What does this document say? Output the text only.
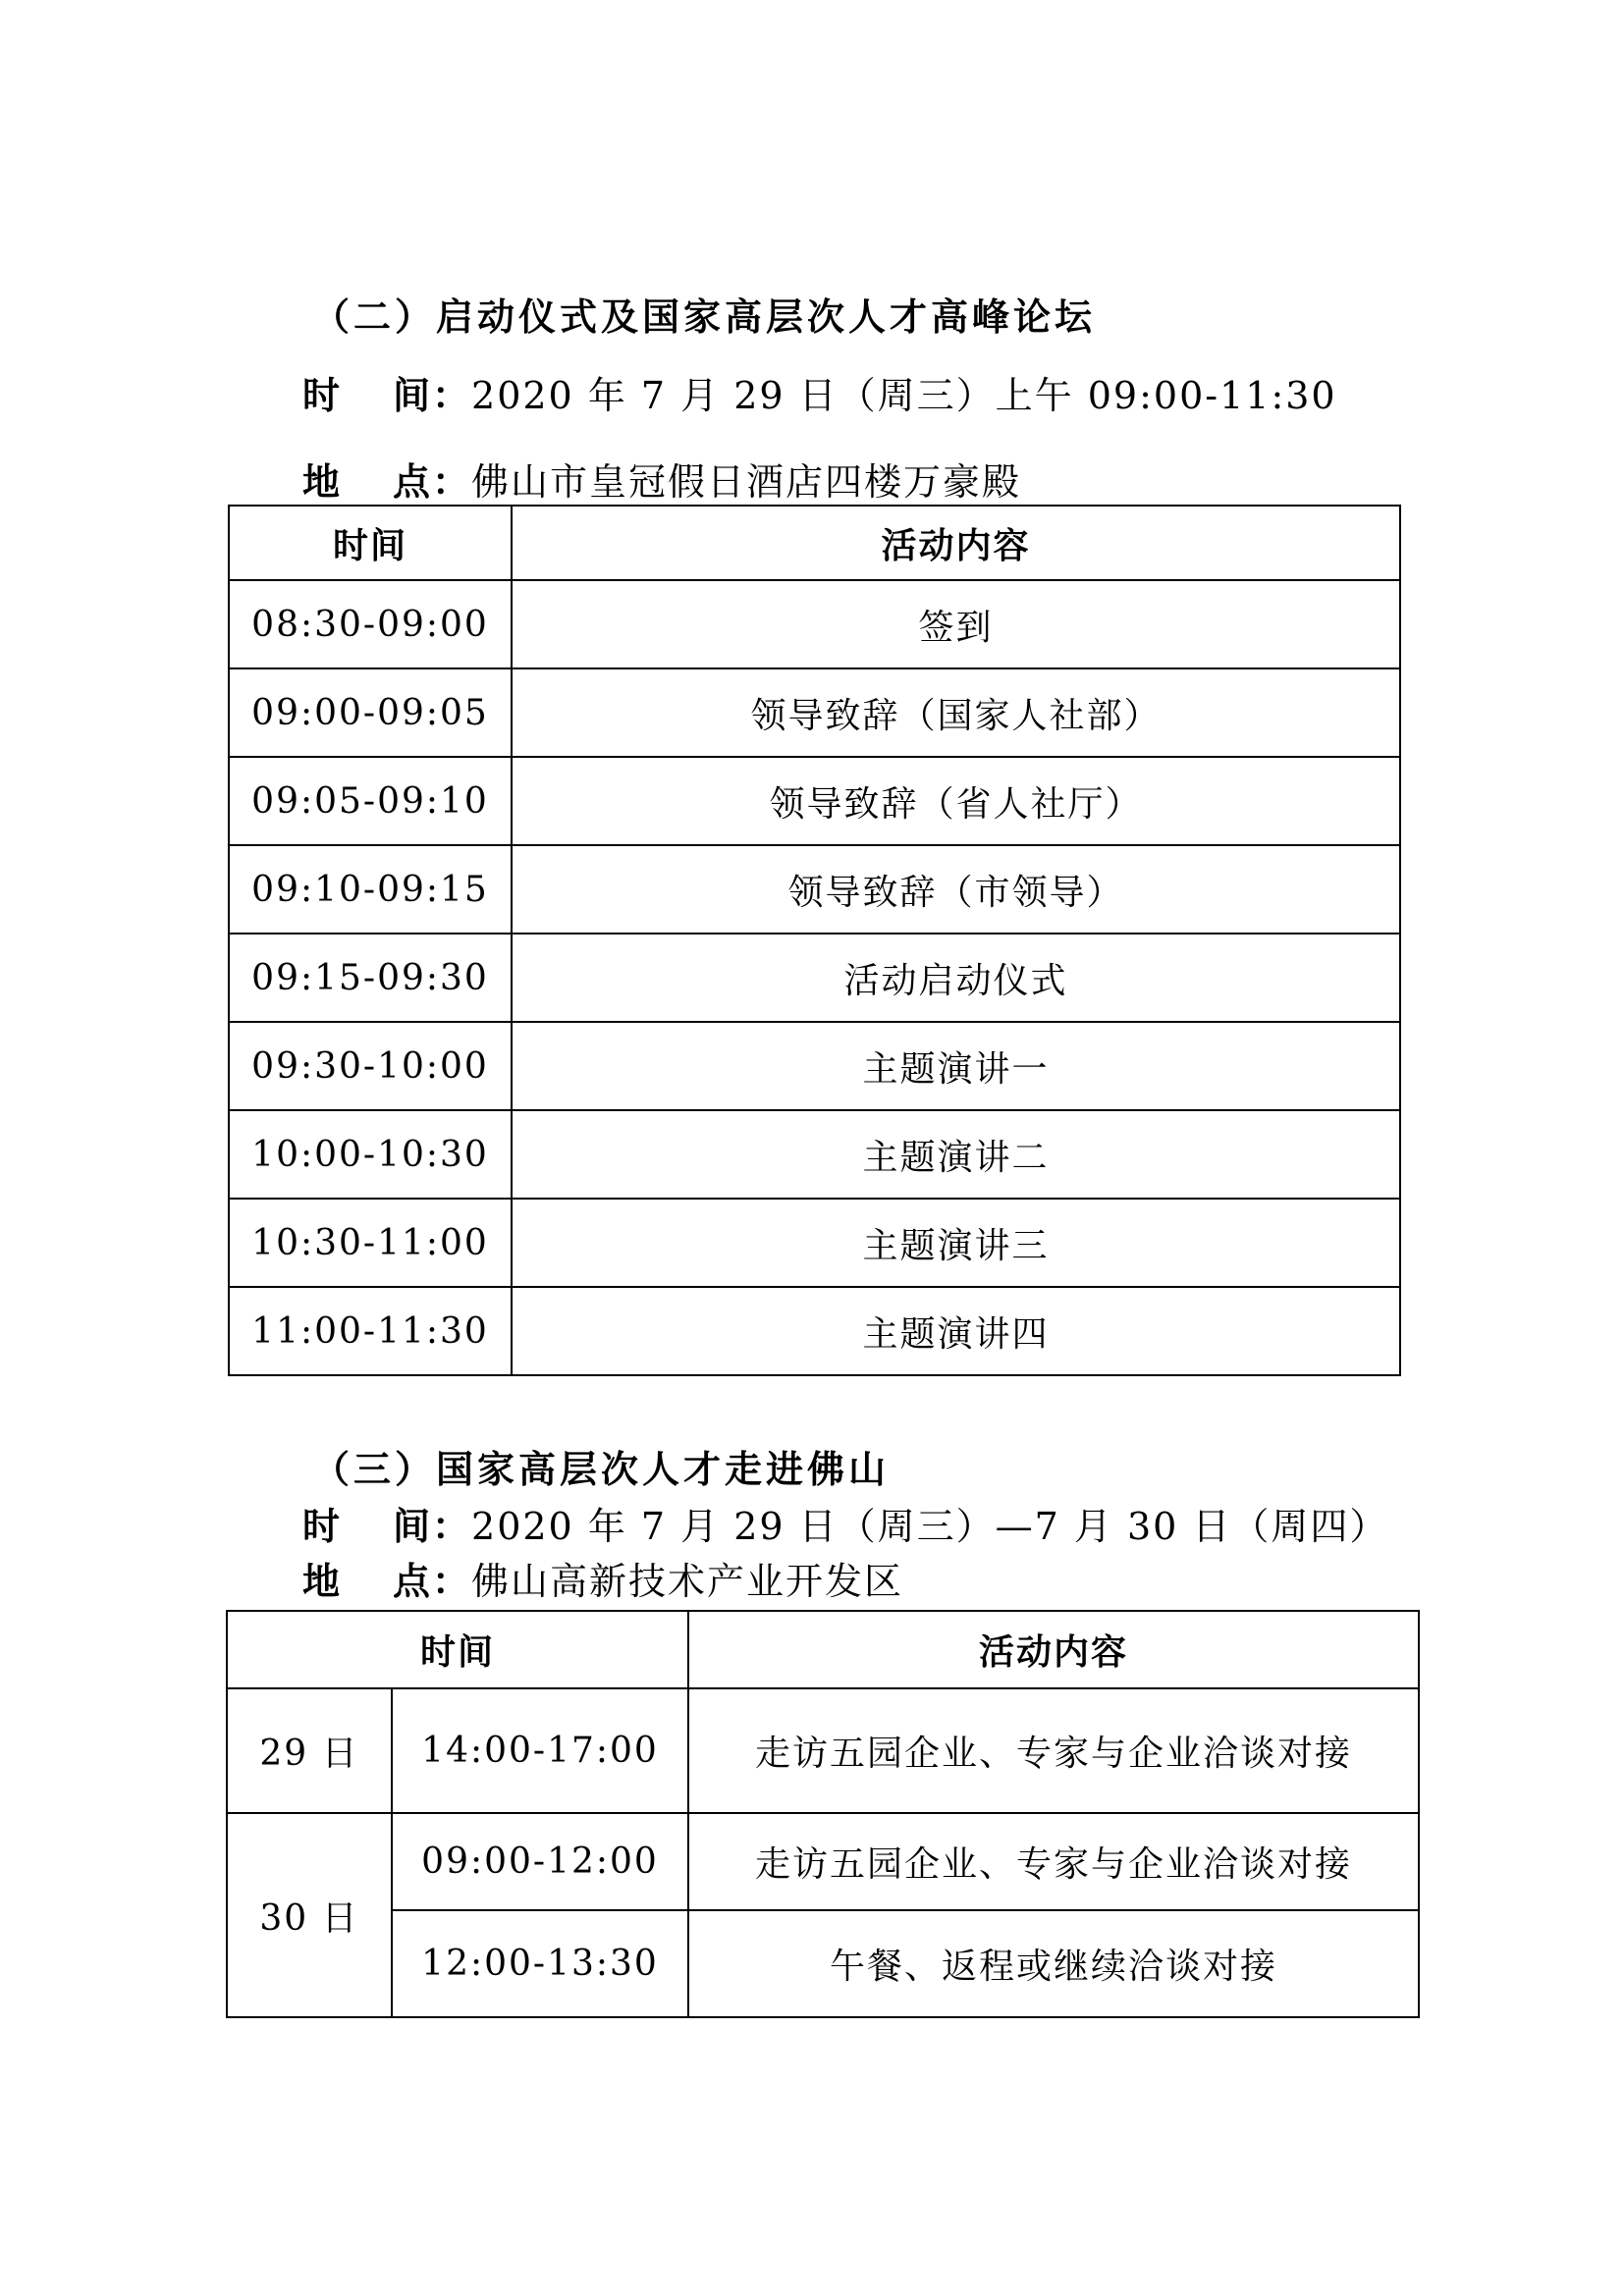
（二）启动仪式及国家高层次人才高峰论坛
时 间：2020 年 7 月 29 日（周三）上午 09:00-11:30
地 点：佛山市皇冠假日酒店四楼万豪殿
时间	活动内容
08:30-09:00	签到
09:00-09:05	领导致辞（国家人社部）
09:05-09:10	领导致辞（省人社厅）
09:10-09:15	领导致辞（市领导）
09:15-09:30	活动启动仪式
09:30-10:00	主题演讲一
10:00-10:30	主题演讲二
10:30-11:00	主题演讲三
11:00-11:30	主题演讲四
（三）国家高层次人才走进佛山
时 间：2020 年 7 月 29 日（周三）—7 月 30 日（周四）
地 点：佛山高新技术产业开发区
时间		活动内容
29 日	14:00-17:00	走访五园企业、专家与企业洽谈对接
30 日	09:00-12:00	走访五园企业、专家与企业洽谈对接
	12:00-13:30	午餐、返程或继续洽谈对接
